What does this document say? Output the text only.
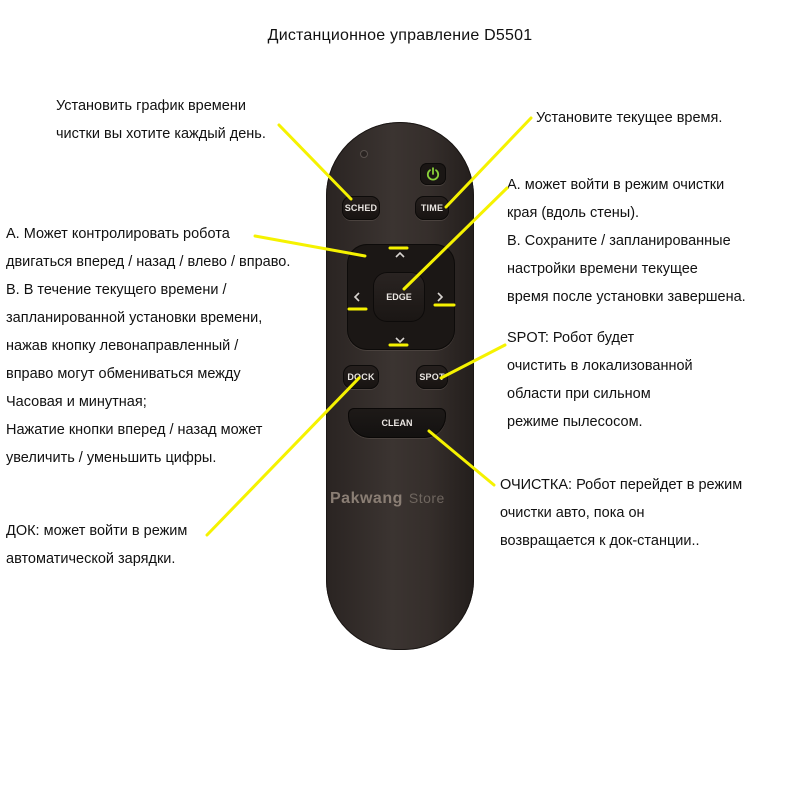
Дистанционное управление D5501
Установить график времени
чистки вы хотите каждый день.
Установите текущее время.
A. может войти в режим очистки
края (вдоль стены).
B. Сохраните / запланированные
настройки времени текущее
время после установки завершена.
A. Может контролировать робота
двигаться вперед / назад / влево / вправо.
B. В течение текущего времени /
запланированной установки времени,
нажав кнопку левонаправленный /
вправо могут обмениваться между
Часовая и минутная;
Нажатие кнопки вперед / назад может
увеличить / уменьшить цифры.
SPOT: Робот будет
очистить в локализованной
области при сильном
режиме пылесосом.
ОЧИСТКА: Робот перейдет в режим
очистки авто, пока он
возвращается к док-станции..
ДОК: может войти в режим
автоматической зарядки.
SCHED	TIME
EDGE
DOCK	SPOT
CLEAN
Pakwang Store
